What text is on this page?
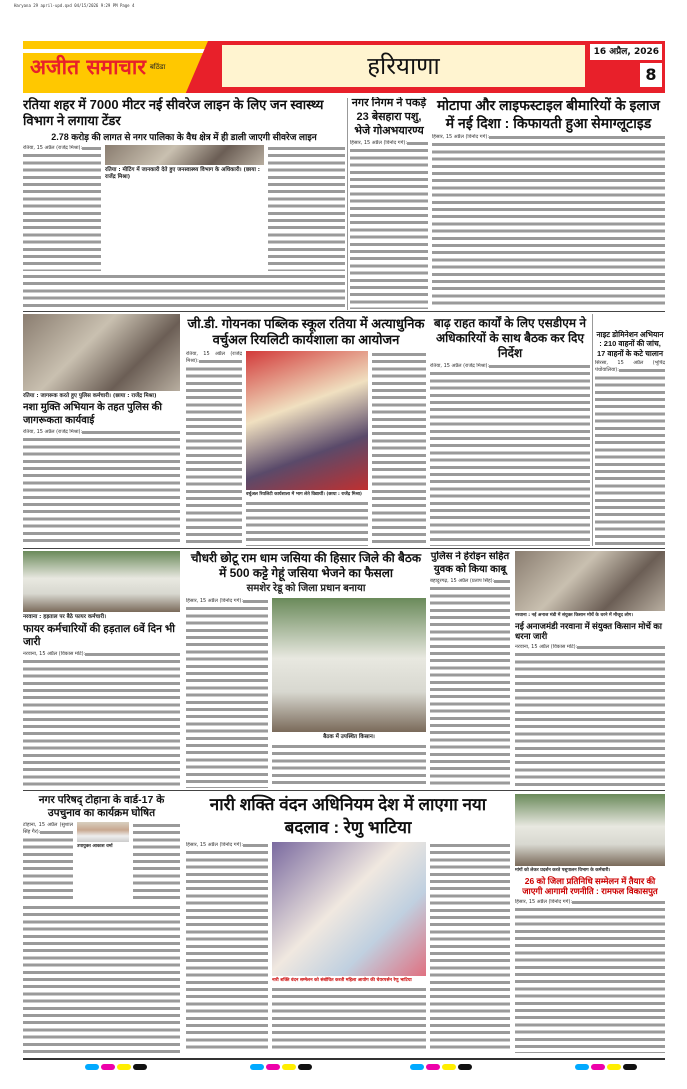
Haryana 29 april-upd.qxd 04/15/2026 9:29 PM Page 4
अजीत समाचार बठिंडा	हरियाणा	16 अप्रैल, 2026
8
रतिया शहर में 7000 मीटर नई सीवरेज लाइन के लिए जन स्वास्थ्य विभाग ने लगाया टेंडर
2.78 करोड़ की लागत से नगर पालिका के वैध क्षेत्र में ही डाली जाएगी सीवरेज लाइन
रतिया, 15 अप्रैल (राजेंद्र मिश्रा):
रतिया : मीटिंग में जानकारी देते हुए जनस्वास्थ्य विभाग के अधिकारी। (छाया : राजेंद्र मिश्रा)
नगर निगम ने पकड़े 23 बेसहारा पशु, भेजे गोअभयारण्य
हिसार, 15 अप्रैल (विनोद गर्ग):
मोटापा और लाइफस्टाइल बीमारियों के इलाज में नई दिशा : किफायती हुआ सेमाग्लूटाइड
हिसार, 15 अप्रैल (विनोद गर्ग):
रतिया : जागरूक करते हुए पुलिस कर्मचारी। (छाया : राजेंद्र मिश्रा)
नशा मुक्ति अभियान के तहत पुलिस की जागरूकता कार्यवाई
रतिया, 15 अप्रैल (राजेंद्र मिश्रा):
जी.डी. गोयनका पब्लिक स्कूल रतिया में अत्याधुनिक वर्चुअल रियलिटी कार्यशाला का आयोजन
रतिया, 15 अप्रैल (राजेंद्र मिश्रा):
वर्चुअल रियलिटी कार्यशाला में भाग लेते विद्यार्थी। (छाया : राजेंद्र मिश्रा)
बाढ़ राहत कार्यों के लिए एसडीएम ने अधिकारियों के साथ बैठक कर दिए निर्देश
रतिया, 15 अप्रैल (राजेंद्र मिश्रा):
नाइट डोमिनेशन अभियान : 210 वाहनों की जांच, 17 वाहनों के कटे चालान
सिरसा, 15 अप्रैल (भूपिंद्र पंथोवालिया):
नरवाना : हड़ताल पर बैठे फायर कर्मचारी।
फायर कर्मचारियों की हड़ताल 6वें दिन भी जारी
नरवाना, 15 अप्रैल (विकास मोर्ट):
चौधरी छोटू राम धाम जसिया की हिसार जिले की बैठक में 500 कट्टे गेहूं जसिया भेजने का फैसला
समशेर रेडू को जिला प्रधान बनाया
हिसार, 15 अप्रैल (विनोद गर्ग):
बैठक में उपस्थित किसान।
पुलिस ने हेरोइन सहित युवक को किया काबू
बहादुरगढ़, 15 अप्रैल (प्रताप सिंह):
नरवाना : नई अनाज मंडी में संयुक्त किसान मोर्चे के धरने में मौजूद लोग।
नई अनाजमंडी नरवाना में संयुक्त किसान मोर्चे का धरना जारी
नरवाना, 15 अप्रैल (विकास मोर्ट):
नगर परिषद् टोहाना के वार्ड-17 के उपचुनाव का कार्यक्रम घोषित
टोहाना, 15 अप्रैल (सुशाल सिंह गैर):
उपायुक्त आकाश वर्मा
नारी शक्ति वंदन अधिनियम देश में लाएगा नया बदलाव : रेणु भाटिया
हिसार, 15 अप्रैल (विनोद गर्ग):
नारी शक्ति वंदन सम्मेलन को संबोधित करती महिला आयोग की चेयरपर्सन रेणु भाटिया
मांगों को लेकर प्रदर्शन करते पशुपालन विभाग के कर्मचारी।
26 को जिला प्रतिनिधि सम्मेलन में तैयार की जाएगी आगामी रणनीति : रामफल विकासपुत
हिसार, 15 अप्रैल (विनोद गर्ग):
